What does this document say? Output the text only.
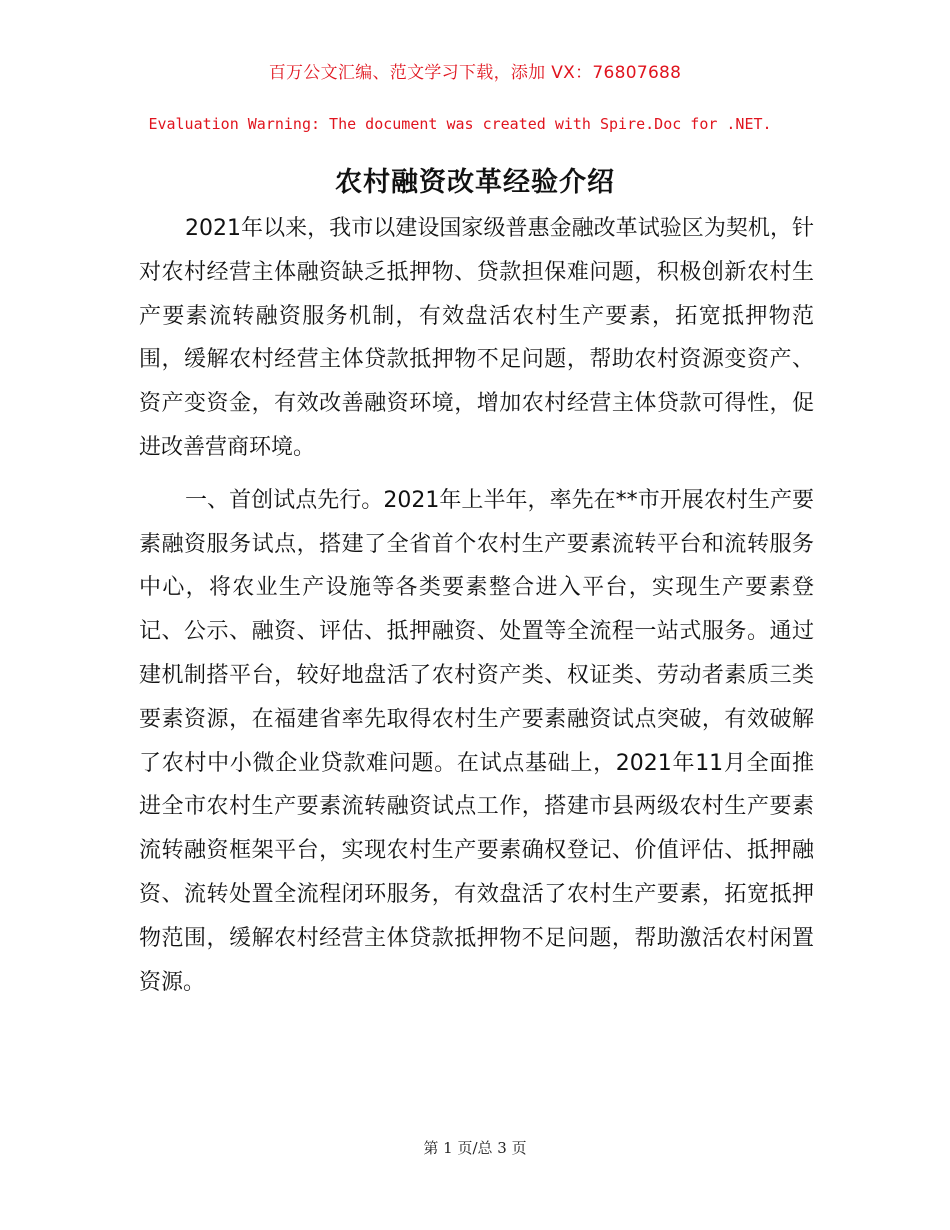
百万公文汇编、范文学习下载，添加 VX：76807688
Evaluation Warning: The document was created with Spire.Doc for .NET.
农村融资改革经验介绍

2021年以来，我市以建设国家级普惠金融改革试验区为契机，针对农村经营主体融资缺乏抵押物、贷款担保难问题，积极创新农村生产要素流转融资服务机制，有效盘活农村生产要素，拓宽抵押物范围，缓解农村经营主体贷款抵押物不足问题，帮助农村资源变资产、资产变资金，有效改善融资环境，增加农村经营主体贷款可得性，促进改善营商环境。

一、首创试点先行。2021年上半年，率先在**市开展农村生产要素融资服务试点，搭建了全省首个农村生产要素流转平台和流转服务中心，将农业生产设施等各类要素整合进入平台，实现生产要素登记、公示、融资、评估、抵押融资、处置等全流程一站式服务。通过建机制搭平台，较好地盘活了农村资产类、权证类、劳动者素质三类要素资源，在福建省率先取得农村生产要素融资试点突破，有效破解了农村中小微企业贷款难问题。在试点基础上，2021年11月全面推进全市农村生产要素流转融资试点工作，搭建市县两级农村生产要素流转融资框架平台，实现农村生产要素确权登记、价值评估、抵押融资、流转处置全流程闭环服务，有效盘活了农村生产要素，拓宽抵押物范围，缓解农村经营主体贷款抵押物不足问题，帮助激活农村闲置资源。

第 1 页/总 3 页
